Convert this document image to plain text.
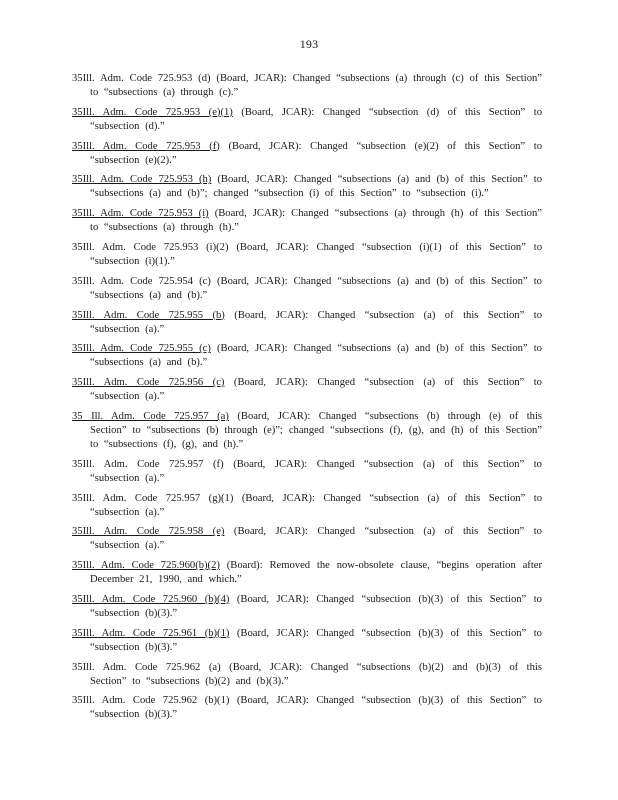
193

35Ill. Adm. Code 725.953 (d) (Board, JCAR): Changed “subsections (a) through (c) of this Section” to “subsections (a) through (c).”

35Ill. Adm. Code 725.953 (e)(1) (Board, JCAR): Changed “subsection (d) of this Section” to “subsection (d).”

35Ill. Adm. Code 725.953 (f) (Board, JCAR): Changed “subsection (e)(2) of this Section” to “subsection (e)(2).”

35Ill. Adm. Code 725.953 (h) (Board, JCAR): Changed “subsections (a) and (b) of this Section” to “subsections (a) and (b)”; changed “subsection (i) of this Section” to “subsection (i).”

35Ill. Adm. Code 725.953 (i) (Board, JCAR): Changed “subsections (a) through (h) of this Section” to “subsections (a) through (h).”

35Ill. Adm. Code 725.953 (i)(2) (Board, JCAR): Changed “subsection (i)(1) of this Section” to “subsection (i)(1).”

35Ill. Adm. Code 725.954 (c) (Board, JCAR): Changed “subsections (a) and (b) of this Section” to “subsections (a) and (b).”

35Ill. Adm. Code 725.955 (b) (Board, JCAR): Changed “subsection (a) of this Section” to “subsection (a).”

35Ill. Adm. Code 725.955 (c) (Board, JCAR): Changed “subsections (a) and (b) of this Section” to “subsections (a) and (b).”

35Ill. Adm. Code 725.956 (c) (Board, JCAR): Changed “subsection (a) of this Section” to “subsection (a).”

35 Ill. Adm. Code 725.957 (a) (Board, JCAR): Changed “subsections (b) through (e) of this Section” to “subsections (b) through (e)”; changed “subsections (f), (g), and (h) of this Section” to “subsections (f), (g), and (h).”

35Ill. Adm. Code 725.957 (f) (Board, JCAR): Changed “subsection (a) of this Section” to “subsection (a).”

35Ill. Adm. Code 725.957 (g)(1) (Board, JCAR): Changed “subsection (a) of this Section” to “subsection (a).”

35Ill. Adm. Code 725.958 (e) (Board, JCAR): Changed “subsection (a) of this Section” to “subsection (a).”

35Ill. Adm. Code 725.960(b)(2) (Board): Removed the now-obsolete clause, “begins operation after December 21, 1990, and which.”

35Ill. Adm. Code 725.960 (b)(4) (Board, JCAR): Changed “subsection (b)(3) of this Section” to “subsection (b)(3).”

35Ill. Adm. Code 725.961 (b)(1) (Board, JCAR): Changed “subsection (b)(3) of this Section” to “subsection (b)(3).”

35Ill. Adm. Code 725.962 (a) (Board, JCAR): Changed “subsections (b)(2) and (b)(3) of this Section” to “subsections (b)(2) and (b)(3).”

35Ill. Adm. Code 725.962 (b)(1) (Board, JCAR): Changed “subsection (b)(3) of this Section” to “subsection (b)(3).”
